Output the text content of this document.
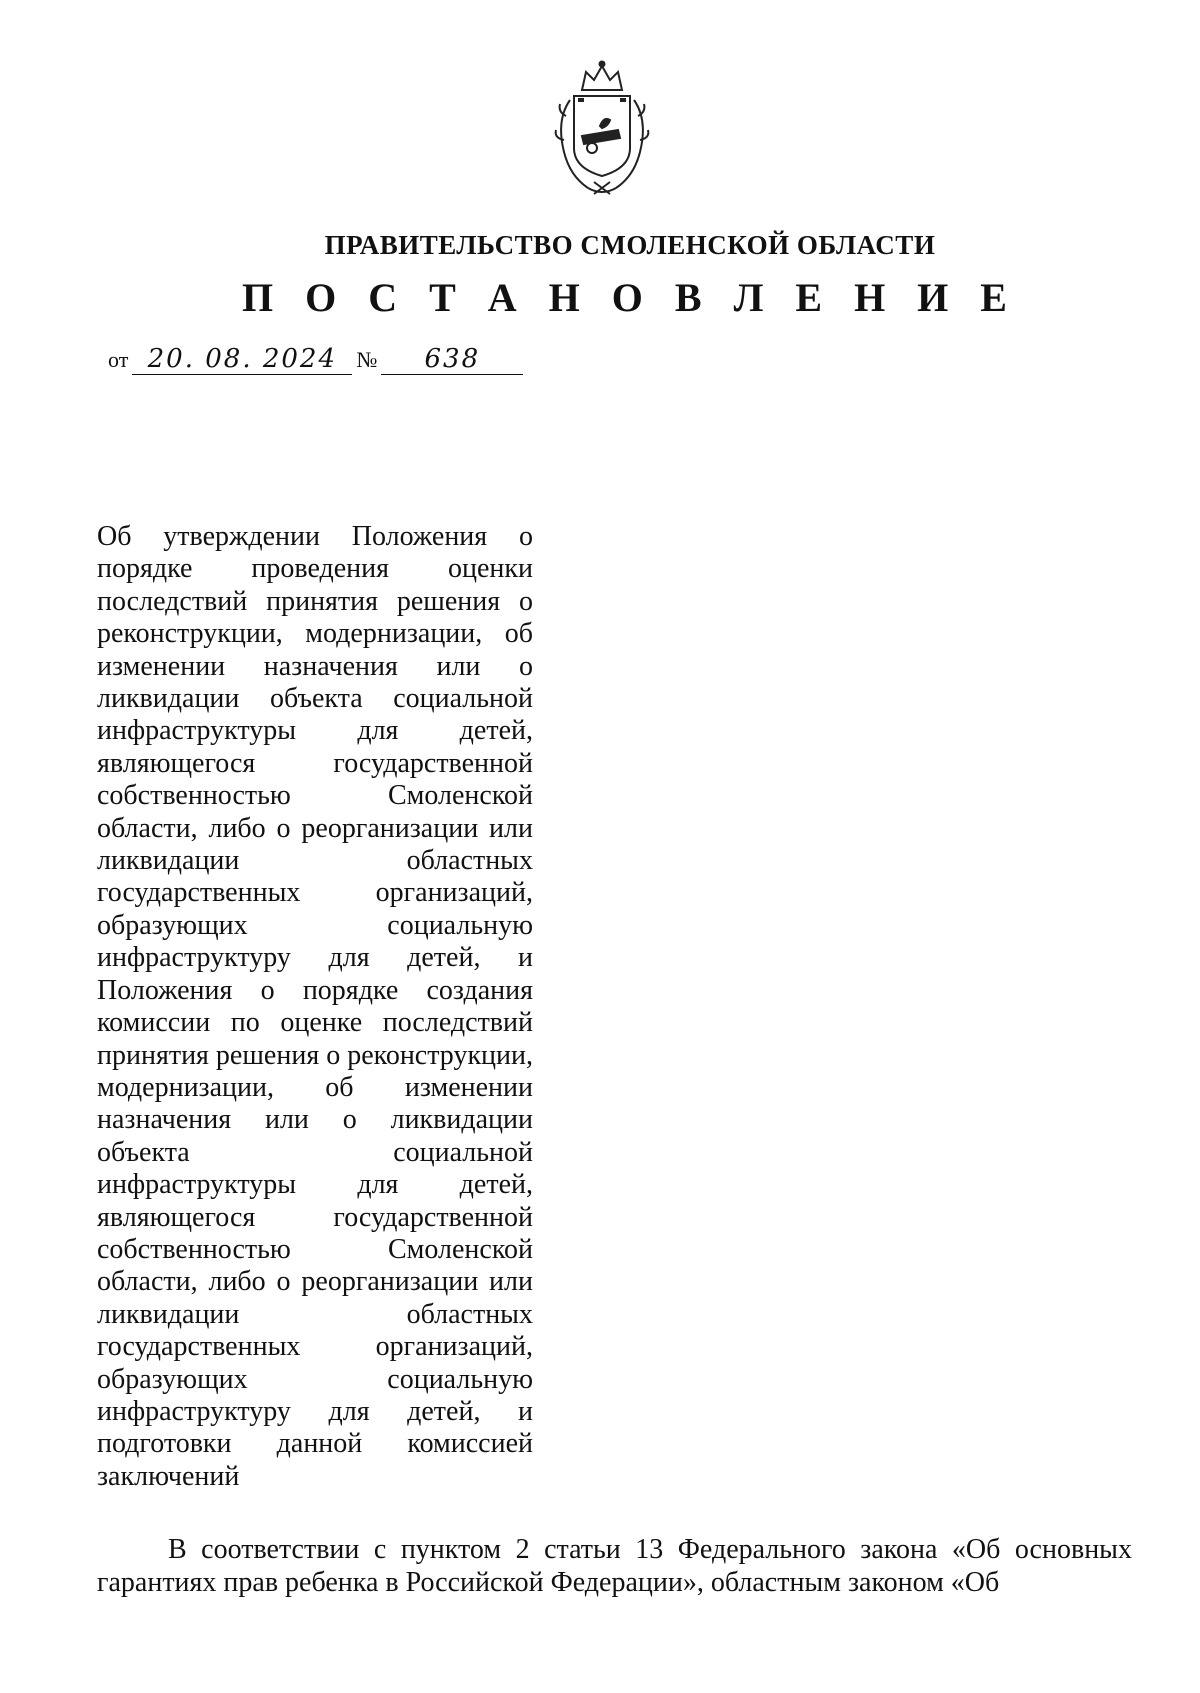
ПРАВИТЕЛЬСТВО СМОЛЕНСКОЙ ОБЛАСТИ
П О С Т А Н О В Л Е Н И Е
от 20. 08. 2024 №	638

Об утверждении Положения о порядке проведения оценки последствий принятия решения о реконструкции, модернизации, об изменении назначения или о ликвидации объекта социальной инфраструктуры для детей, являющегося государственной собственностью Смоленской области, либо о реорганизации или ликвидации областных государственных организаций, образующих социальную инфраструктуру для детей, и Положения о порядке создания комиссии по оценке последствий принятия решения о реконструкции, модернизации, об изменении назначения или о ликвидации объекта социальной инфраструктуры для детей, являющегося государственной собственностью Смоленской области, либо о реорганизации или ликвидации областных государственных организаций, образующих социальную инфраструктуру для детей, и подготовки данной комиссией заключений

В соответствии с пунктом 2 статьи 13 Федерального закона «Об основных гарантиях прав ребенка в Российской Федерации», областным законом «Об
